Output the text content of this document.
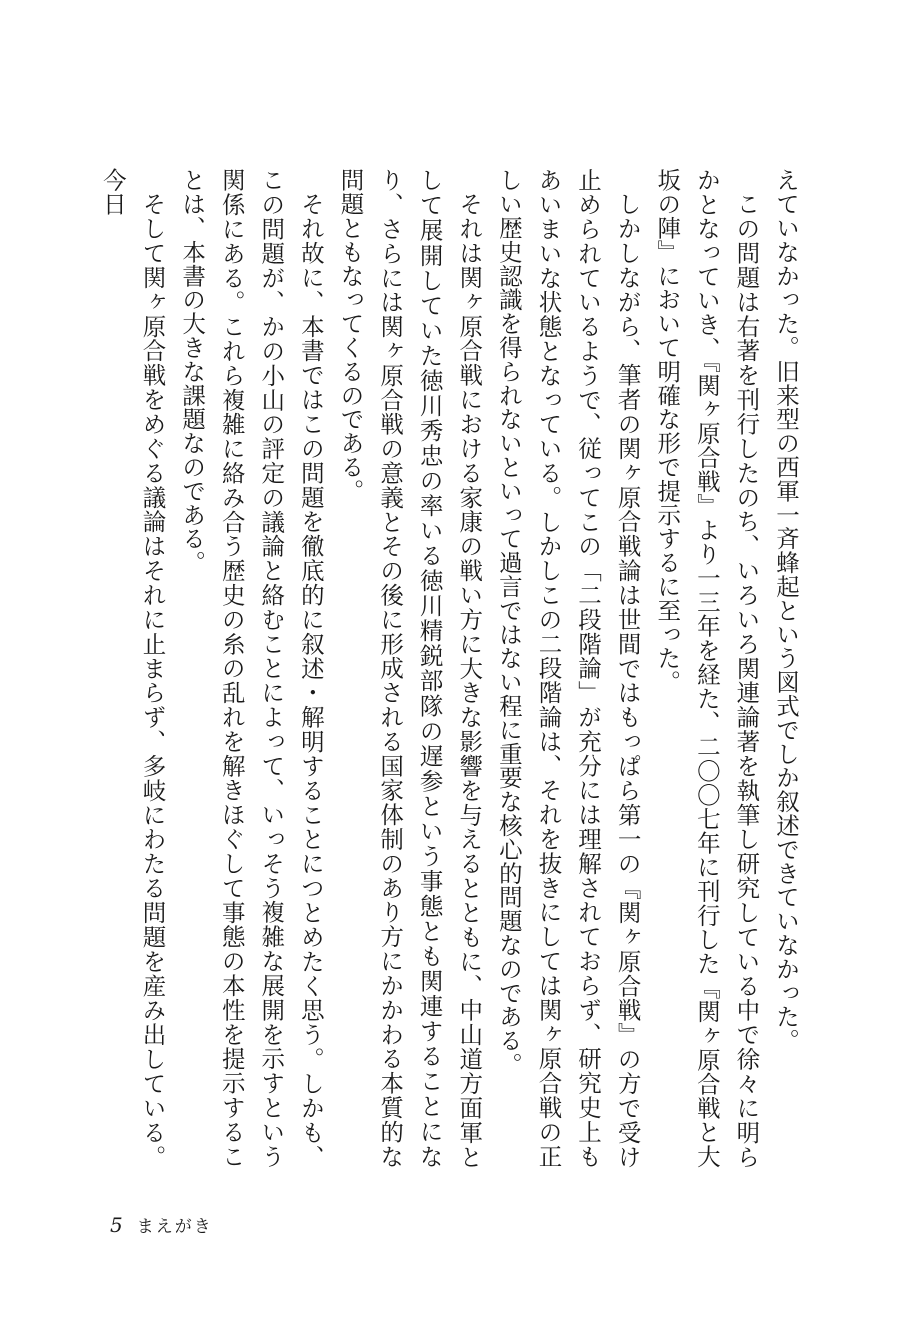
えていなかった。旧来型の西軍一斉蜂起という図式でしか叙述できていなかった。

この問題は右著を刊行したのち、いろいろ関連論著を執筆し研究している中で徐々に明らかとなっていき、『関ヶ原合戦』より一三年を経た、二〇〇七年に刊行した『関ヶ原合戦と大坂の陣』において明確な形で提示するに至った。

しかしながら、筆者の関ヶ原合戦論は世間ではもっぱら第一の『関ヶ原合戦』の方で受け止められているようで、従ってこの「二段階論」が充分には理解されておらず、研究史上もあいまいな状態となっている。しかしこの二段階論は、それを抜きにしては関ヶ原合戦の正しい歴史認識を得られないといって過言ではない程に重要な核心的問題なのである。

それは関ヶ原合戦における家康の戦い方に大きな影響を与えるとともに、中山道方面軍として展開していた徳川秀忠の率いる徳川精鋭部隊の遅参という事態とも関連することになり、さらには関ヶ原合戦の意義とその後に形成される国家体制のあり方にかかわる本質的な問題ともなってくるのである。

それ故に、本書ではこの問題を徹底的に叙述・解明することにつとめたく思う。しかも、この問題が、かの小山の評定の議論と絡むことによって、いっそう複雑な展開を示すという関係にある。これら複雑に絡み合う歴史の糸の乱れを解きほぐして事態の本性を提示することは、本書の大きな課題なのである。

そして関ヶ原合戦をめぐる議論はそれに止まらず、多岐にわたる問題を産み出している。今日

5 まえがき
